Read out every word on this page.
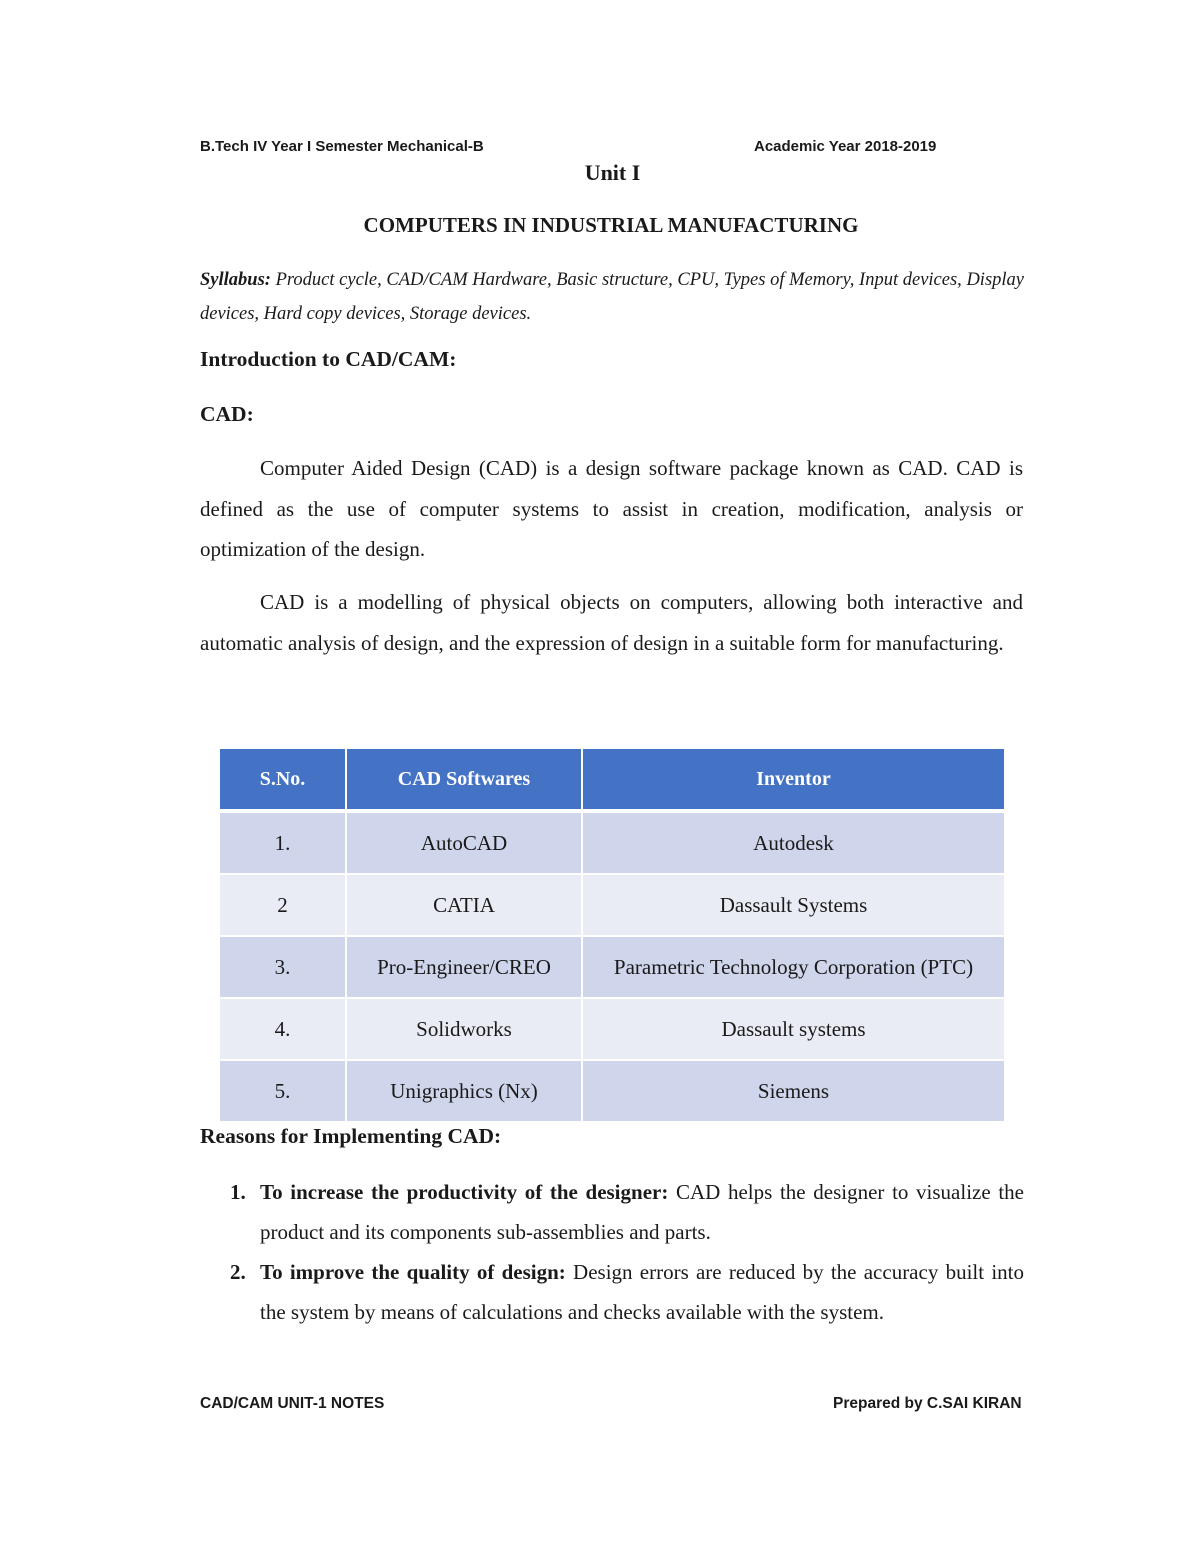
B.Tech IV Year I Semester Mechanical-B	Academic Year 2018-2019
Unit I
COMPUTERS IN INDUSTRIAL MANUFACTURING
Syllabus: Product cycle, CAD/CAM Hardware, Basic structure, CPU, Types of Memory, Input devices, Display devices, Hard copy devices, Storage devices.
Introduction to CAD/CAM:
CAD:

Computer Aided Design (CAD) is a design software package known as CAD. CAD is defined as the use of computer systems to assist in creation, modification, analysis or optimization of the design.

CAD is a modelling of physical objects on computers, allowing both interactive and automatic analysis of design, and the expression of design in a suitable form for manufacturing.

S.No.	CAD Softwares	Inventor
1.	AutoCAD	Autodesk
2	CATIA	Dassault Systems
3.	Pro-Engineer/CREO	Parametric Technology Corporation (PTC)
4.	Solidworks	Dassault systems
5.	Unigraphics (Nx)	Siemens
Reasons for Implementing CAD:
1. To increase the productivity of the designer: CAD helps the designer to visualize the product and its components sub-assemblies and parts.
2. To improve the quality of design: Design errors are reduced by the accuracy built into the system by means of calculations and checks available with the system.
CAD/CAM UNIT-1 NOTES	Prepared by C.SAI KIRAN
